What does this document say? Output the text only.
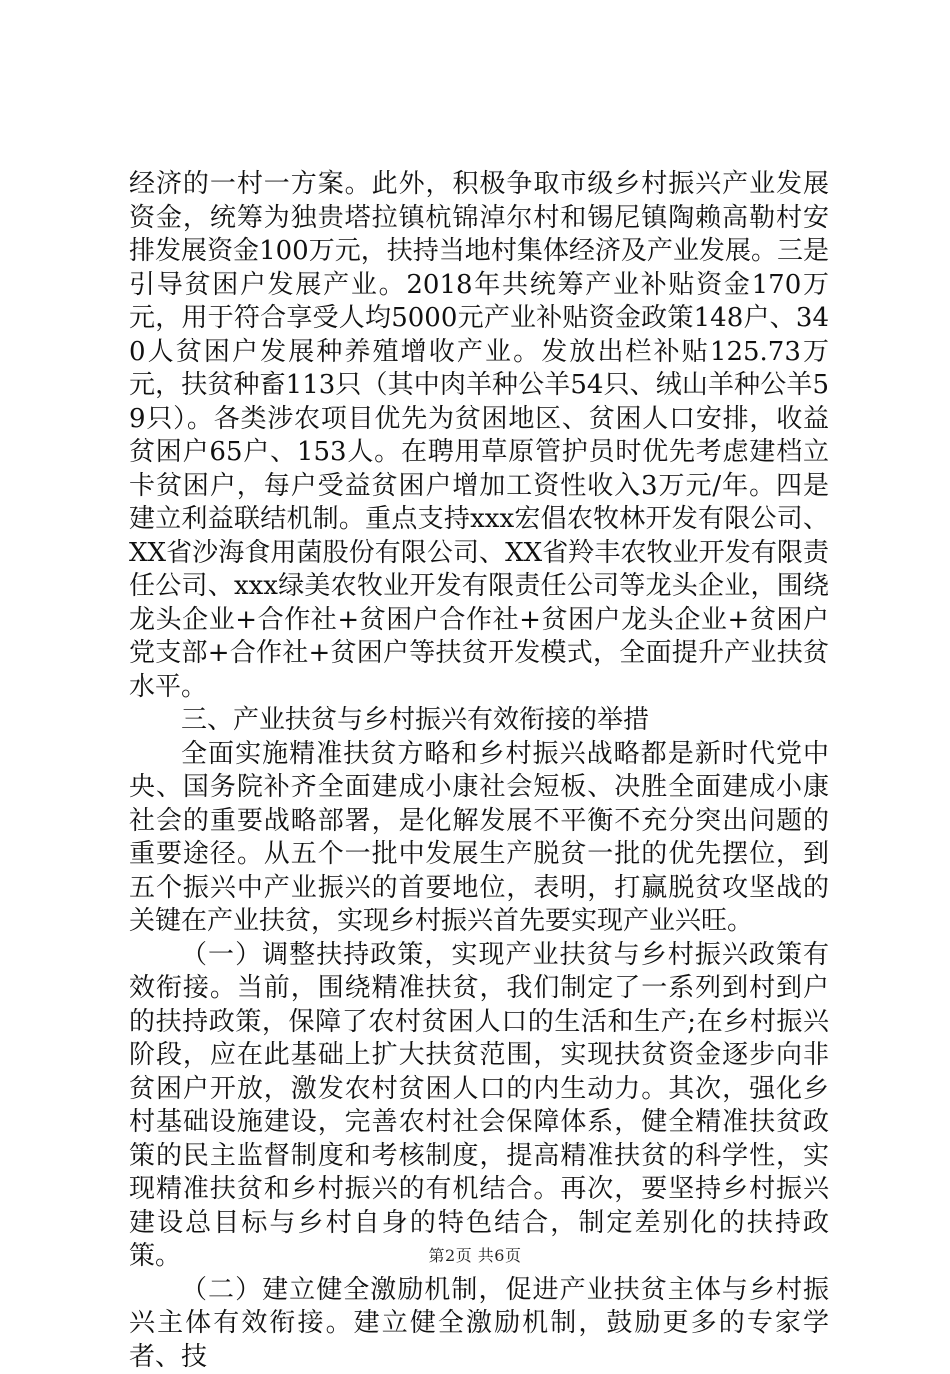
经济的一村一方案。此外，积极争取市级乡村振兴产业发展资金，统筹为独贵塔拉镇杭锦淖尔村和锡尼镇陶赖高勒村安排发展资金100万元，扶持当地村集体经济及产业发展。三是引导贫困户发展产业。2018年共统筹产业补贴资金170万元，用于符合享受人均5000元产业补贴资金政策148户、340人贫困户发展种养殖增收产业。发放出栏补贴125.73万元，扶贫种畜113只（其中肉羊种公羊54只、绒山羊种公羊59只）。各类涉农项目优先为贫困地区、贫困人口安排，收益贫困户65户、153人。在聘用草原管护员时优先考虑建档立卡贫困户，每户受益贫困户增加工资性收入3万元/年。四是建立利益联结机制。重点支持xxx宏倡农牧林开发有限公司、XX省沙海食用菌股份有限公司、XX省羚丰农牧业开发有限责任公司、xxx绿美农牧业开发有限责任公司等龙头企业，围绕龙头企业+合作社+贫困户合作社+贫困户龙头企业+贫困户党支部+合作社+贫困户等扶贫开发模式，全面提升产业扶贫水平。

三、产业扶贫与乡村振兴有效衔接的举措

全面实施精准扶贫方略和乡村振兴战略都是新时代党中央、国务院补齐全面建成小康社会短板、决胜全面建成小康社会的重要战略部署，是化解发展不平衡不充分突出问题的重要途径。从五个一批中发展生产脱贫一批的优先摆位，到五个振兴中产业振兴的首要地位，表明，打赢脱贫攻坚战的关键在产业扶贫，实现乡村振兴首先要实现产业兴旺。

（一）调整扶持政策，实现产业扶贫与乡村振兴政策有效衔接。当前，围绕精准扶贫，我们制定了一系列到村到户的扶持政策，保障了农村贫困人口的生活和生产;在乡村振兴阶段，应在此基础上扩大扶贫范围，实现扶贫资金逐步向非贫困户开放，激发农村贫困人口的内生动力。其次，强化乡村基础设施建设，完善农村社会保障体系，健全精准扶贫政策的民主监督制度和考核制度，提高精准扶贫的科学性，实现精准扶贫和乡村振兴的有机结合。再次，要坚持乡村振兴建设总目标与乡村自身的特色结合，制定差别化的扶持政策。

（二）建立健全激励机制，促进产业扶贫主体与乡村振兴主体有效衔接。建立健全激励机制，鼓励更多的专家学者、技

第2页 共6页
